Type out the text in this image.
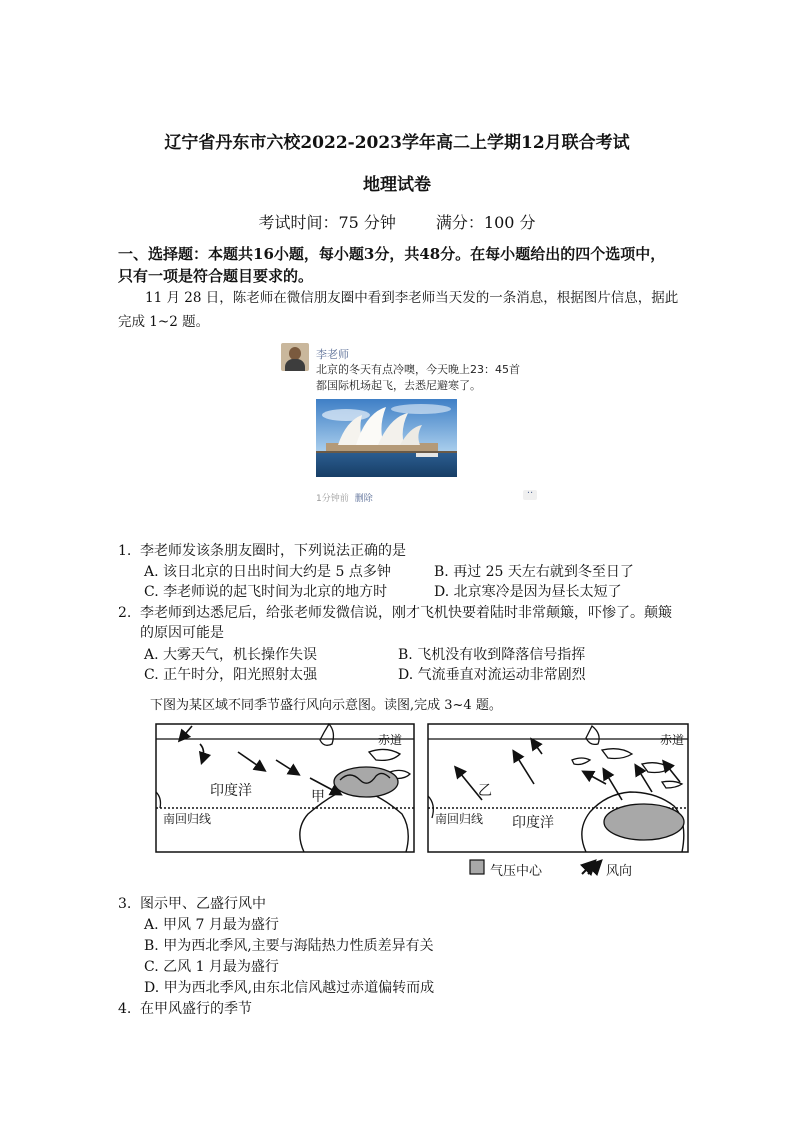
辽宁省丹东市六校2022-2023学年高二上学期12月联合考试
地理试卷
考试时间：75 分钟	满分：100 分
一、选择题：本题共16小题，每小题3分，共48分。在每小题给出的四个选项中，只有一项是符合题目要求的。
11 月 28 日，陈老师在微信朋友圈中看到李老师当天发的一条消息，根据图片信息，据此完成 1~2 题。
李老师
北京的冬天有点冷噢，今天晚上23：45首
都国际机场起飞，去悉尼避寒了。
1分钟前 删除	··
1. 李老师发该条朋友圈时，下列说法正确的是
A. 该日北京的日出时间大约是 5 点多钟	B. 再过 25 天左右就到冬至日了
C. 李老师说的起飞时间为北京的地方时	D. 北京寒冷是因为昼长太短了
2. 李老师到达悉尼后，给张老师发微信说，刚才飞机快要着陆时非常颠簸，吓惨了。颠簸的原因可能是
A. 大雾天气，机长操作失误	B. 飞机没有收到降落信号指挥
C. 正午时分，阳光照射太强	D. 气流垂直对流运动非常剧烈
下图为某区域不同季节盛行风向示意图。读图,完成 3~4 题。
赤道
印度洋	甲
南回归线
赤道
乙
南回归线 印度洋
气压中心	风向
3. 图示甲、乙盛行风中
A. 甲风 7 月最为盛行
B. 甲为西北季风,主要与海陆热力性质差异有关
C. 乙风 1 月最为盛行
D. 甲为西北季风,由东北信风越过赤道偏转而成
4. 在甲风盛行的季节
